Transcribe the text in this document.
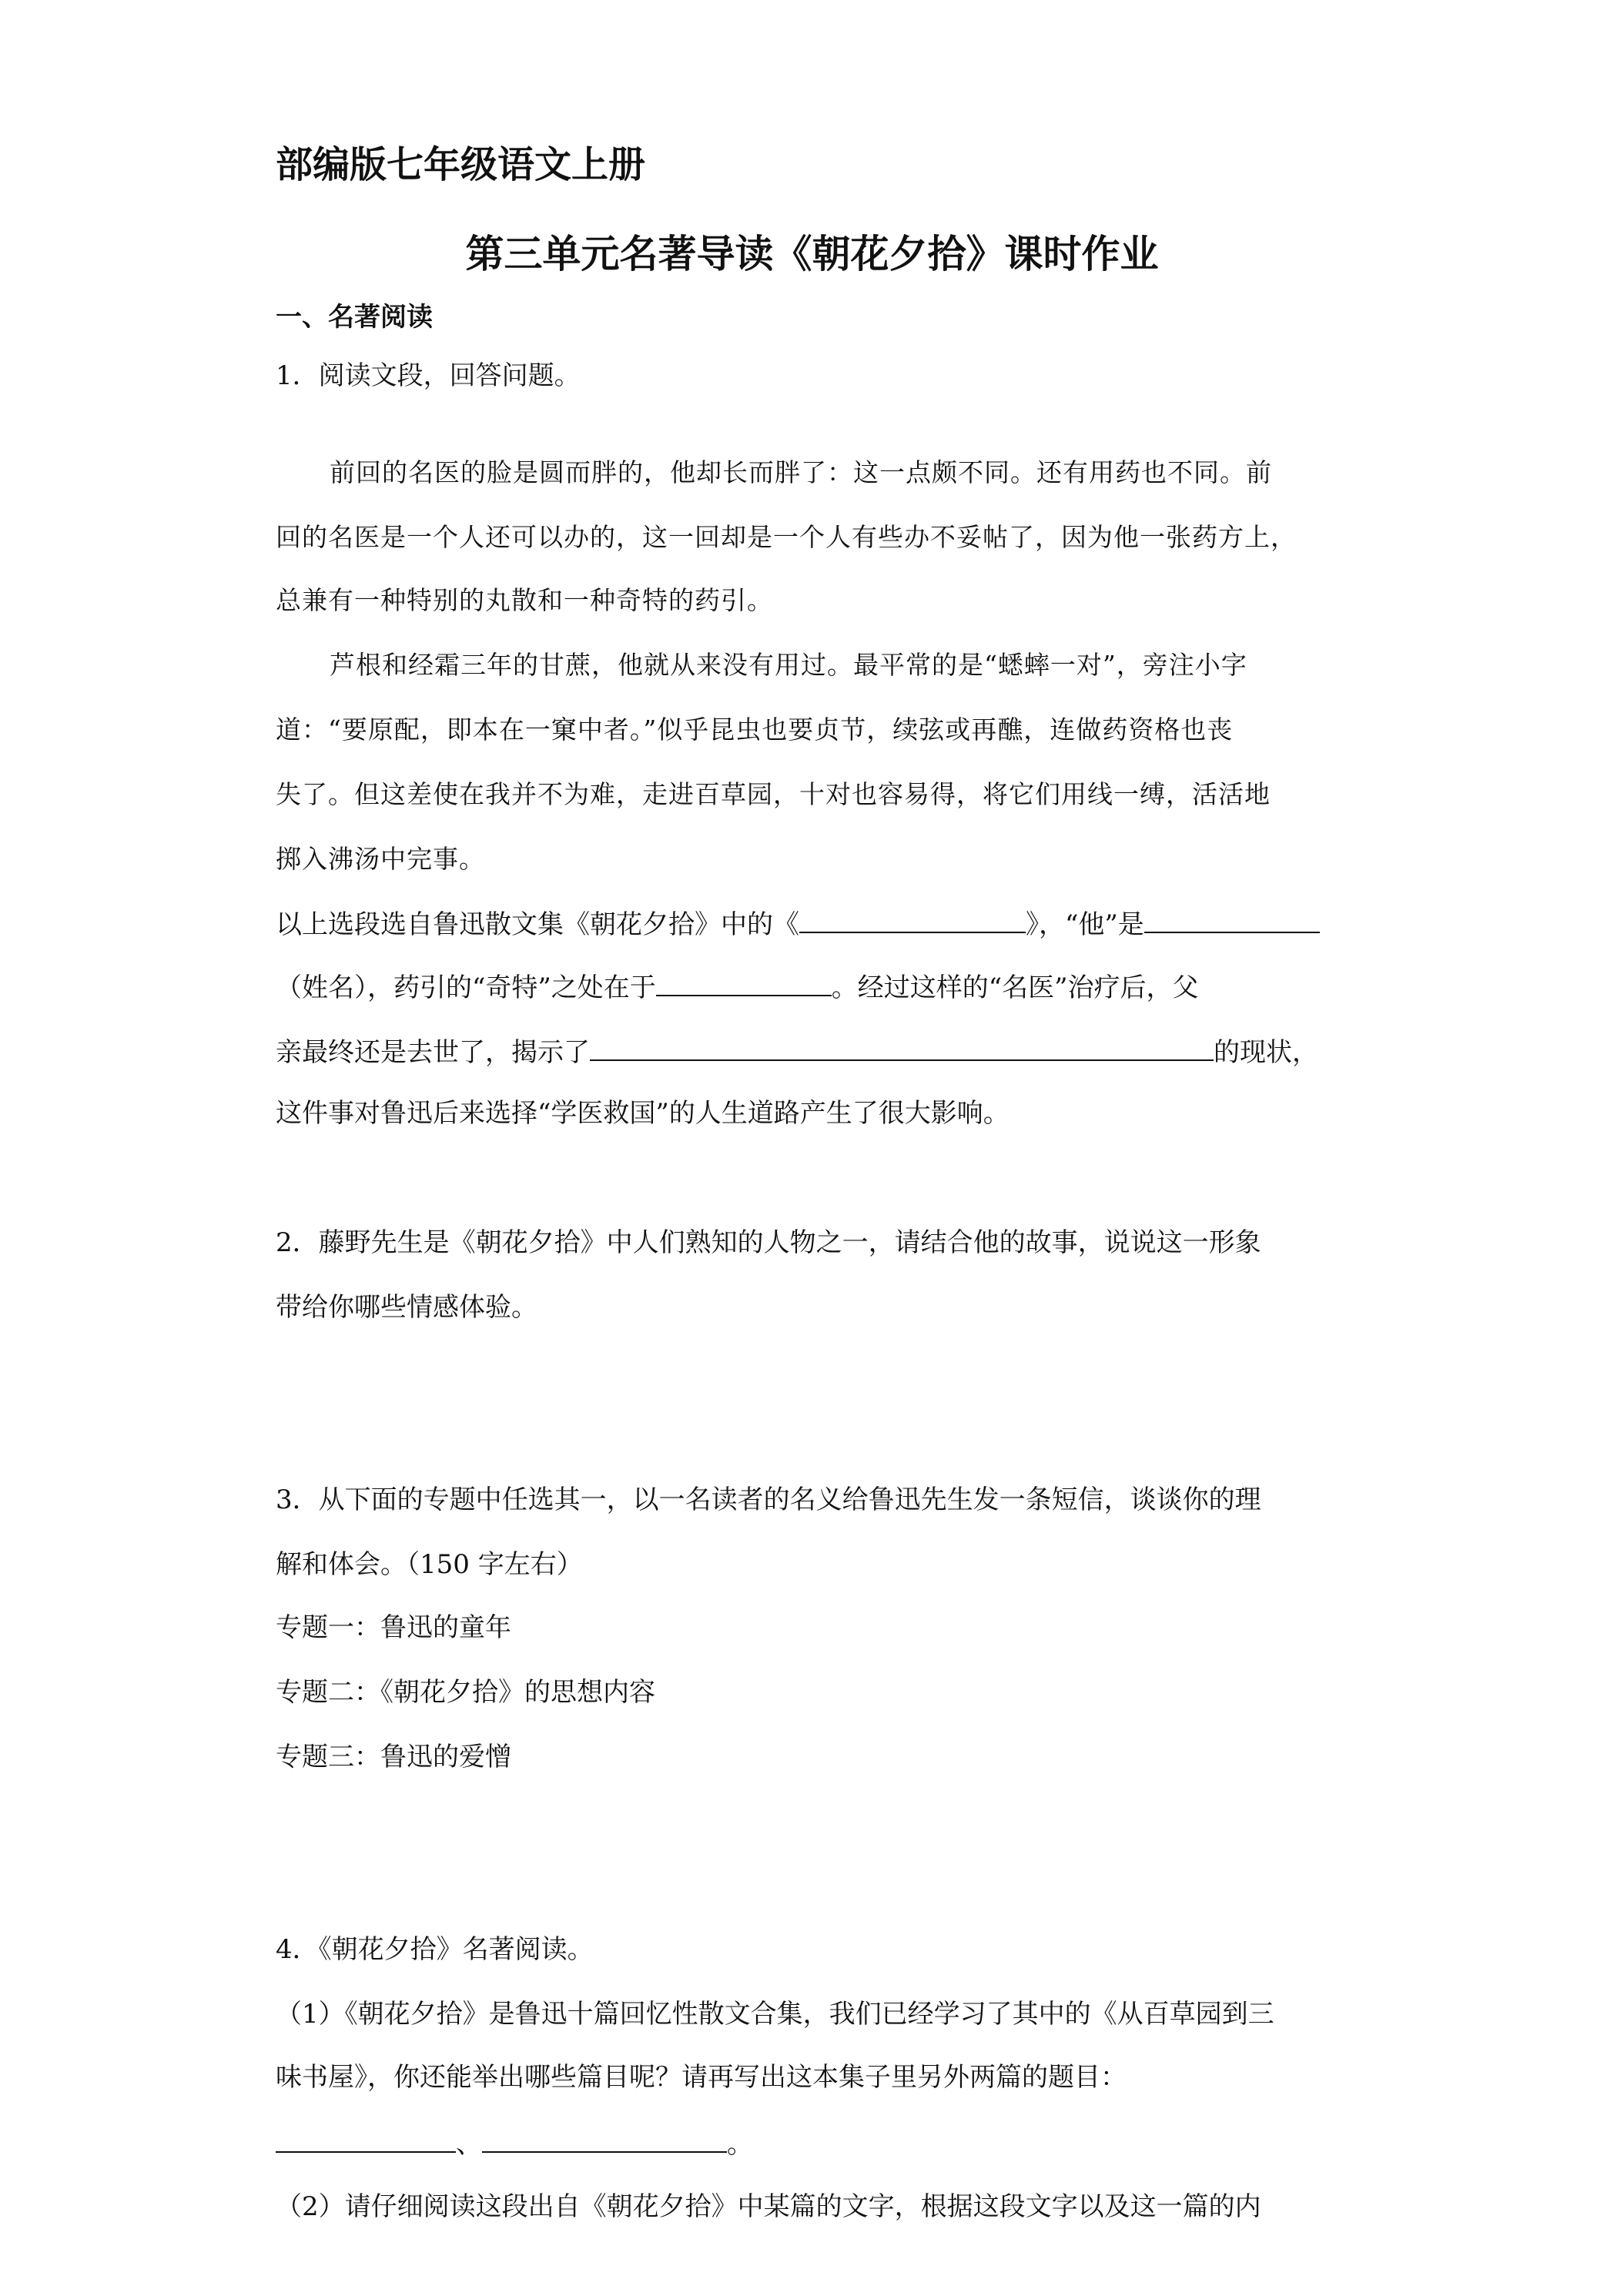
部编版七年级语文上册
第三单元名著导读《朝花夕拾》课时作业
一、名著阅读
1．阅读文段，回答问题。
前回的名医的脸是圆而胖的，他却长而胖了：这一点颇不同。还有用药也不同。前
回的名医是一个人还可以办的，这一回却是一个人有些办不妥帖了，因为他一张药方上，
总兼有一种特别的丸散和一种奇特的药引。
芦根和经霜三年的甘蔗，他就从来没有用过。最平常的是“蟋蟀一对”，旁注小字
道：“要原配，即本在一窠中者。”似乎昆虫也要贞节，续弦或再醮，连做药资格也丧
失了。但这差使在我并不为难，走进百草园，十对也容易得，将它们用线一缚，活活地
掷入沸汤中完事。
以上选段选自鲁迅散文集《朝花夕拾》中的《	》，“他”是
（姓名），药引的“奇特”之处在于	。经过这样的“名医”治疗后，父
亲最终还是去世了，揭示了	的现状，
这件事对鲁迅后来选择“学医救国”的人生道路产生了很大影响。
2．藤野先生是《朝花夕拾》中人们熟知的人物之一，请结合他的故事，说说这一形象
带给你哪些情感体验。
3．从下面的专题中任选其一，以一名读者的名义给鲁迅先生发一条短信，谈谈你的理
解和体会。（150 字左右）
专题一：鲁迅的童年
专题二：《朝花夕拾》的思想内容
专题三：鲁迅的爱憎
4．《朝花夕拾》名著阅读。
（1）《朝花夕拾》是鲁迅十篇回忆性散文合集，我们已经学习了其中的《从百草园到三
味书屋》，你还能举出哪些篇目呢？请再写出这本集子里另外两篇的题目：
、	。
（2）请仔细阅读这段出自《朝花夕拾》中某篇的文字，根据这段文字以及这一篇的内
